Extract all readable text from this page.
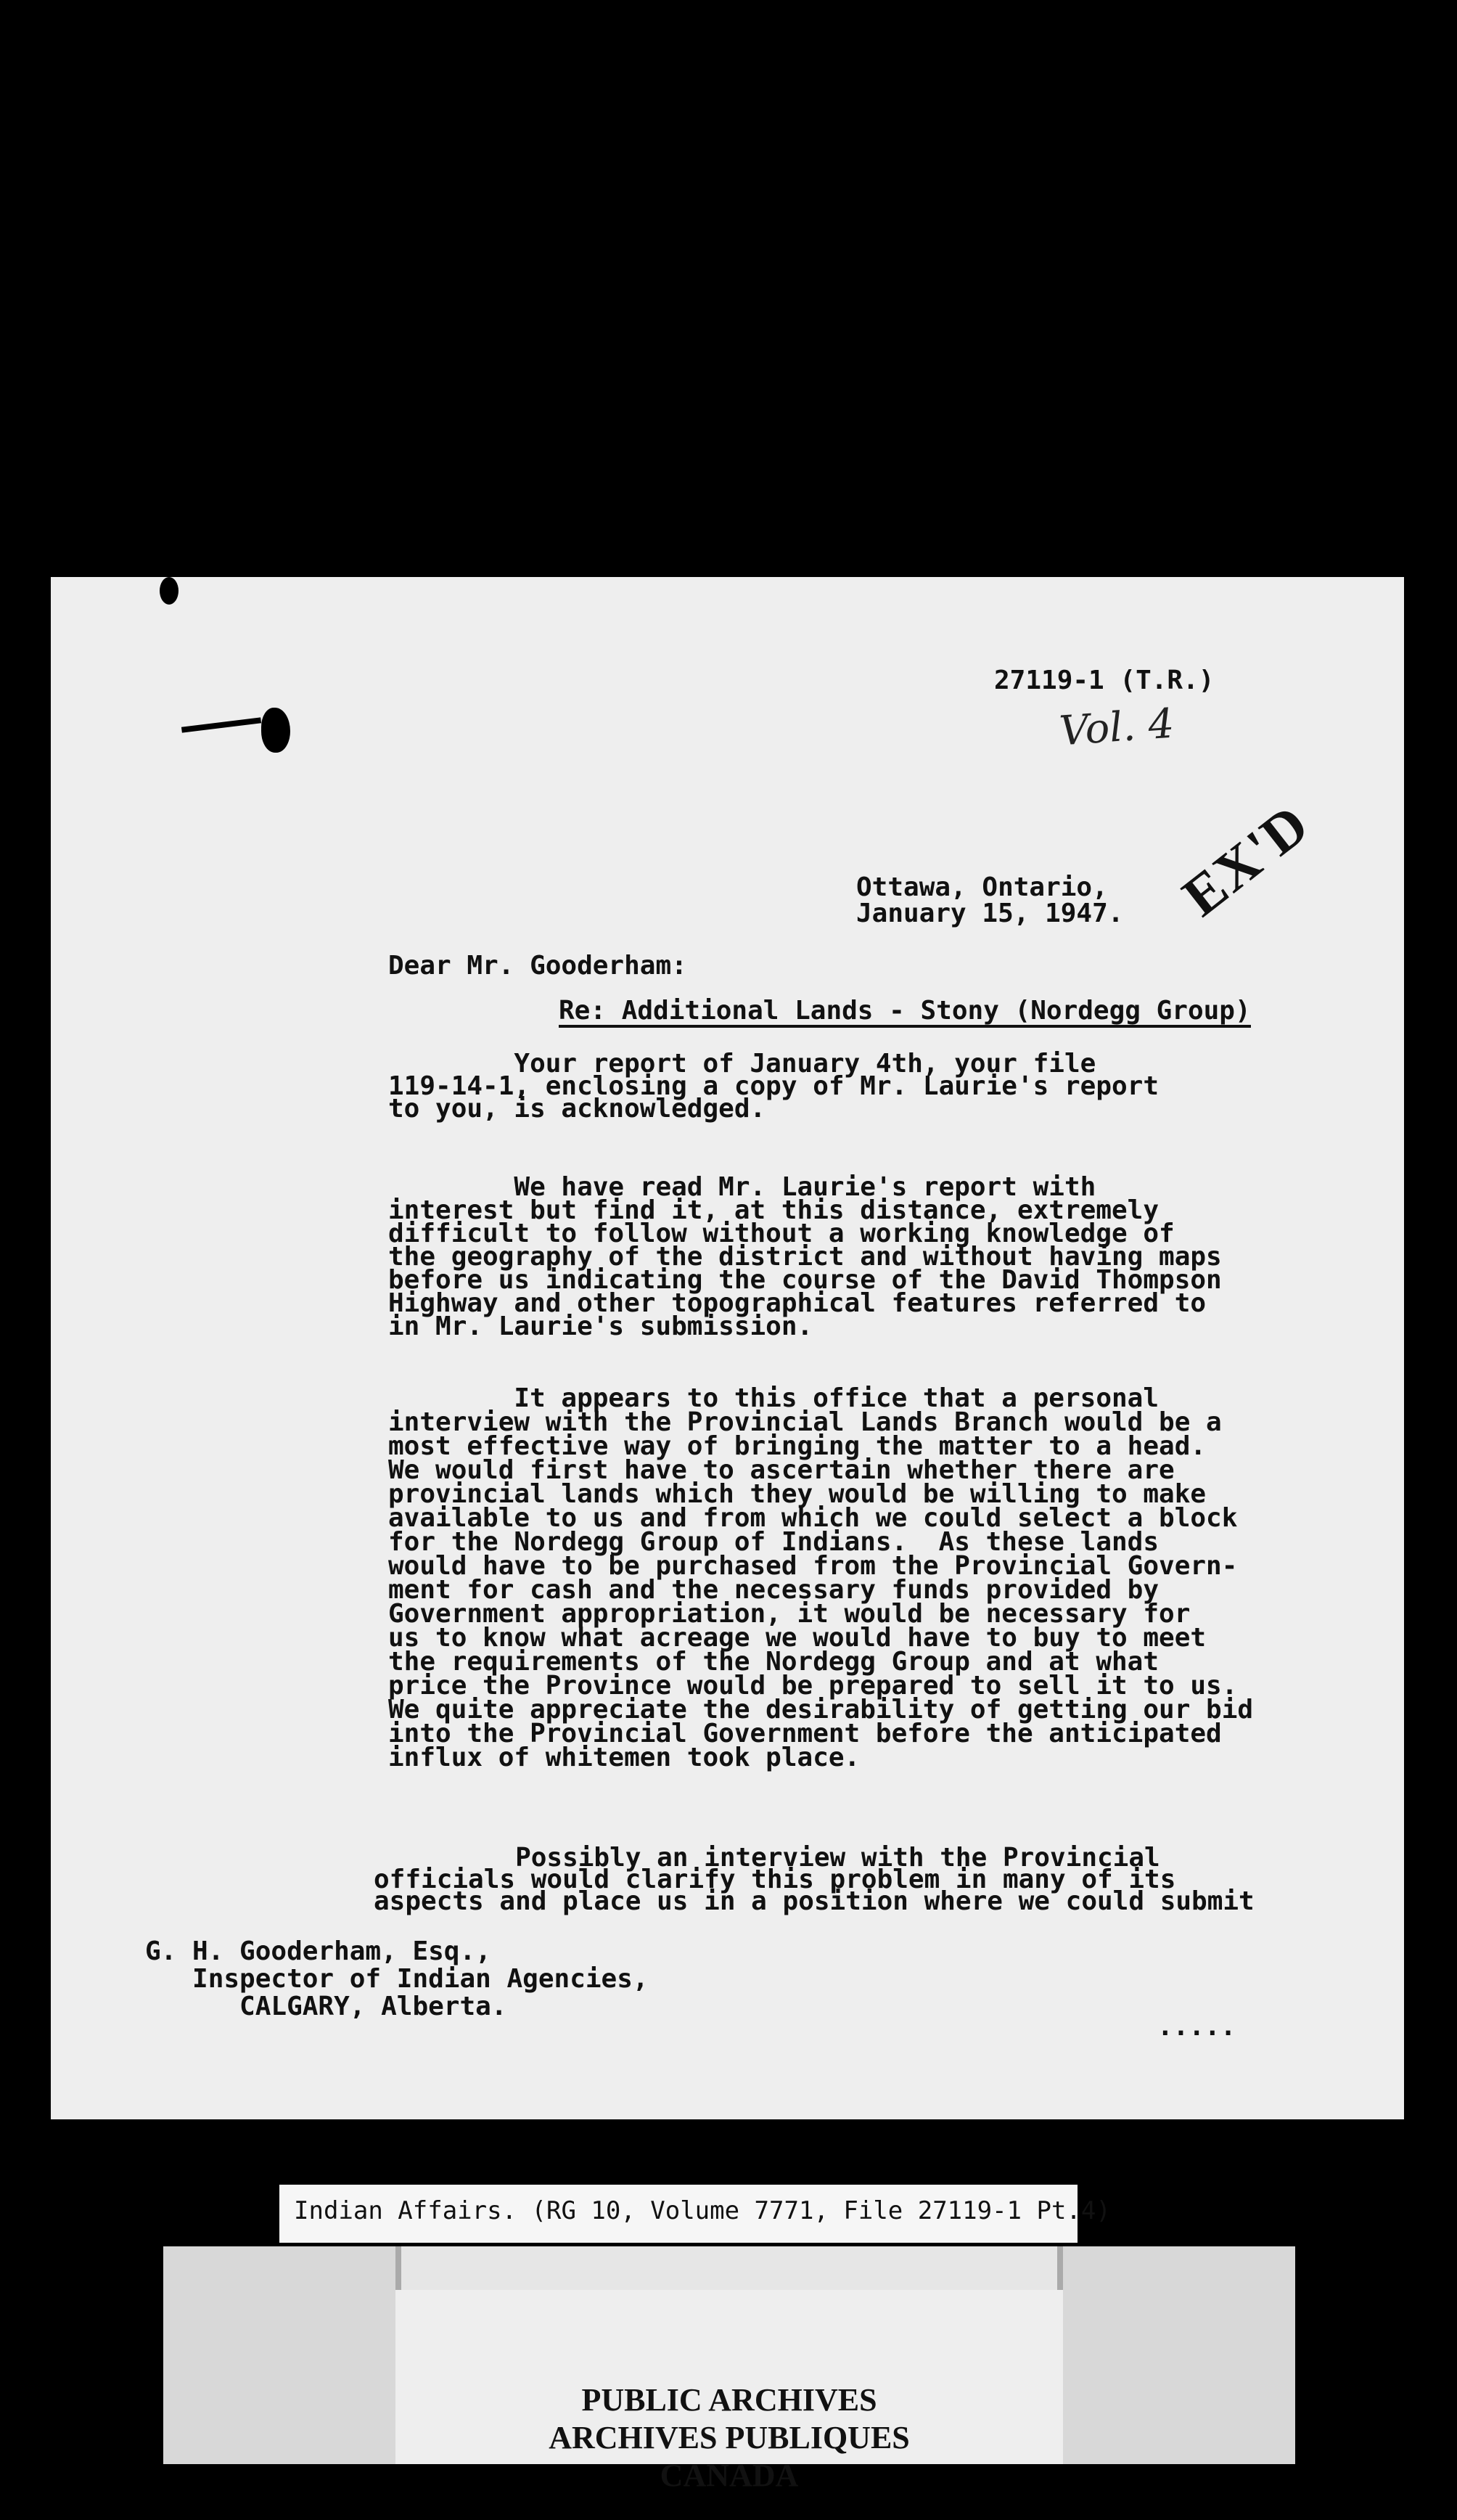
27119-1 (T.R.)
Vol. 4
EX'D
Ottawa, Ontario,
January 15, 1947.
Dear Mr. Gooderham:
Re: Additional Lands - Stony (Nordegg Group)
Your report of January 4th, your file
119-14-1, enclosing a copy of Mr. Laurie's report
to you, is acknowledged.
We have read Mr. Laurie's report with
interest but find it, at this distance, extremely
difficult to follow without a working knowledge of
the geography of the district and without having maps
before us indicating the course of the David Thompson
Highway and other topographical features referred to
in Mr. Laurie's submission.
It appears to this office that a personal
interview with the Provincial Lands Branch would be a
most effective way of bringing the matter to a head.
We would first have to ascertain whether there are
provincial lands which they would be willing to make
available to us and from which we could select a block
for the Nordegg Group of Indians.  As these lands
would have to be purchased from the Provincial Govern-
ment for cash and the necessary funds provided by
Government appropriation, it would be necessary for
us to know what acreage we would have to buy to meet
the requirements of the Nordegg Group and at what
price the Province would be prepared to sell it to us.
We quite appreciate the desirability of getting our bid
into the Provincial Government before the anticipated
influx of whitemen took place.
Possibly an interview with the Provincial
officials would clarify this problem in many of its
aspects and place us in a position where we could submit
G. H. Gooderham, Esq.,
Inspector of Indian Agencies,
CALGARY, Alberta.
.....
Indian Affairs. (RG 10, Volume 7771, File 27119-1 Pt.4)
PUBLIC ARCHIVES
ARCHIVES PUBLIQUES
CANADA
